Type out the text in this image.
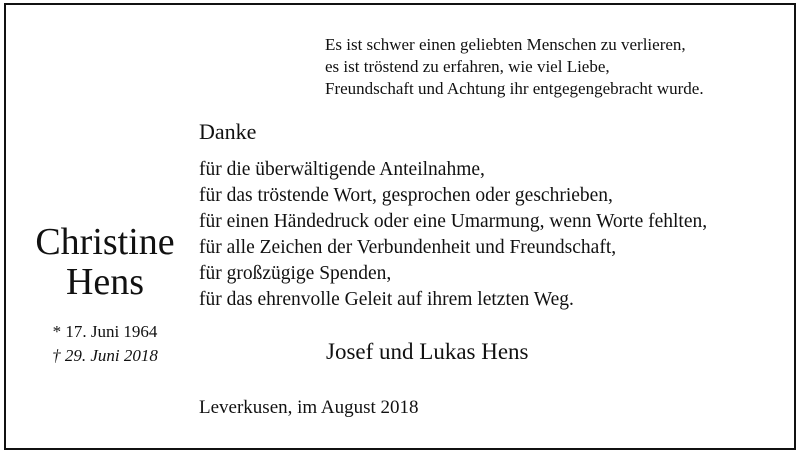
Es ist schwer einen geliebten Menschen zu verlieren,
es ist tröstend zu erfahren, wie viel Liebe,
Freundschaft und Achtung ihr entgegengebracht wurde.
Danke
für die überwältigende Anteilnahme,
für das tröstende Wort, gesprochen oder geschrieben,
für einen Händedruck oder eine Umarmung, wenn Worte fehlten,
für alle Zeichen der Verbundenheit und Freundschaft,
für großzügige Spenden,
für das ehrenvolle Geleit auf ihrem letzten Weg.
Christine
Hens
* 17. Juni 1964
† 29. Juni 2018	Josef und Lukas Hens
Leverkusen, im August 2018
